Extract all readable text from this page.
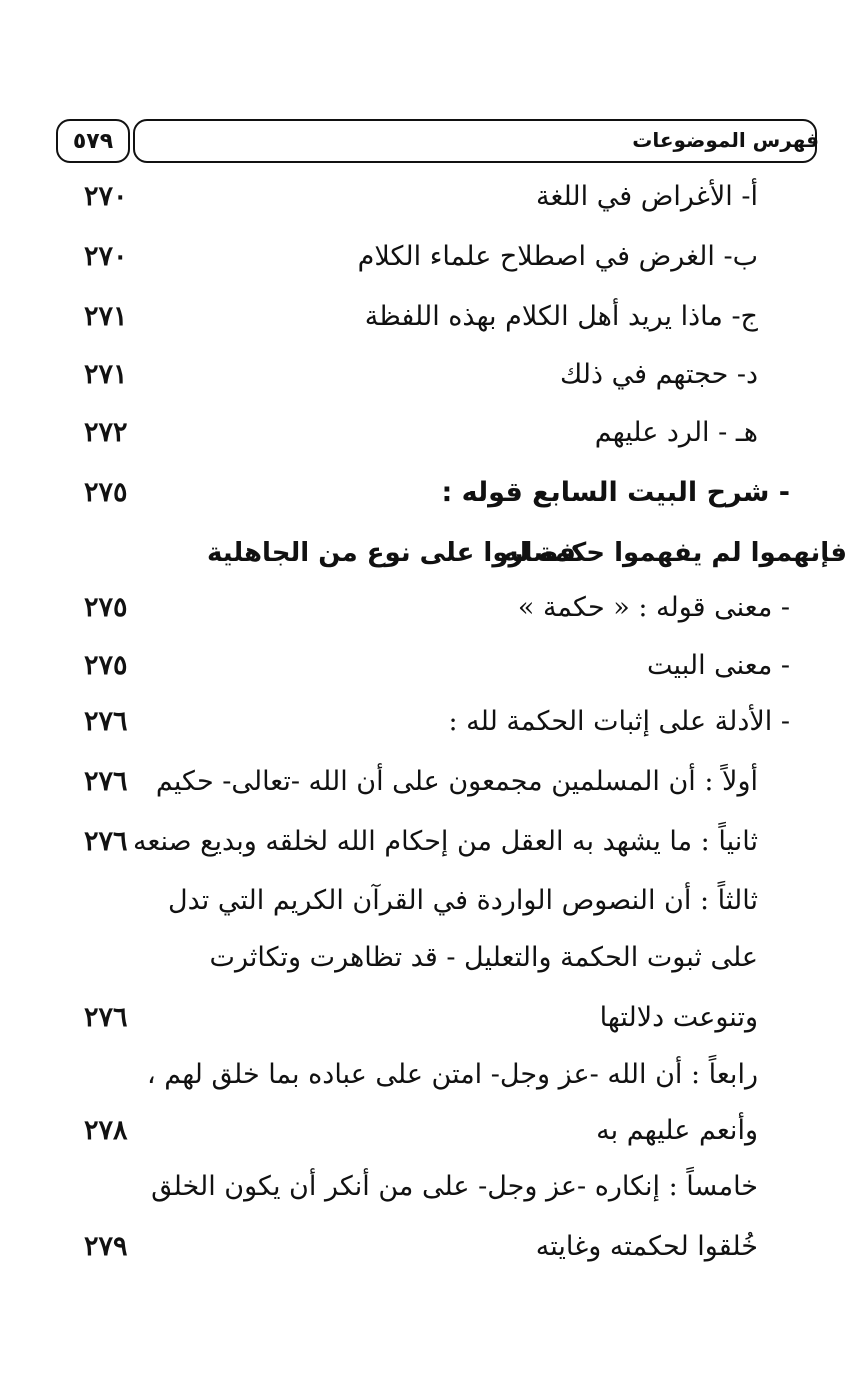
فهرس الموضوعات
٥٧٩
أ- الأغراض في اللغة
٢٧٠
ب- الغرض في اصطلاح علماء الكلام
٢٧٠
ج- ماذا يريد أهل الكلام بهذه اللفظة
٢٧١
د- حجتهم في ذلك
٢٧١
هـ - الرد عليهم
٢٧٢
- شرح البيت السابع قوله :
٢٧٥
فإنهموا لم يفهموا حكمة له
فصاروا على نوع من الجاهلية
- معنى قوله : « حكمة »
٢٧٥
- معنى البيت
٢٧٥
- الأدلة على إثبات الحكمة لله :
٢٧٦
أولاً : أن المسلمين مجمعون على أن الله -تعالى- حكيم
٢٧٦
ثانياً : ما يشهد به العقل من إحكام الله لخلقه وبديع صنعه
٢٧٦
ثالثاً : أن النصوص الواردة في القرآن الكريم التي تدل
على ثبوت الحكمة والتعليل - قد تظاهرت وتكاثرت
وتنوعت دلالتها
٢٧٦
رابعاً : أن الله -عز وجل- امتن على عباده بما خلق لهم ،
وأنعم عليهم به
٢٧٨
خامساً : إنكاره -عز وجل- على من أنكر أن يكون الخلق
خُلقوا لحكمته وغايته
٢٧٩
